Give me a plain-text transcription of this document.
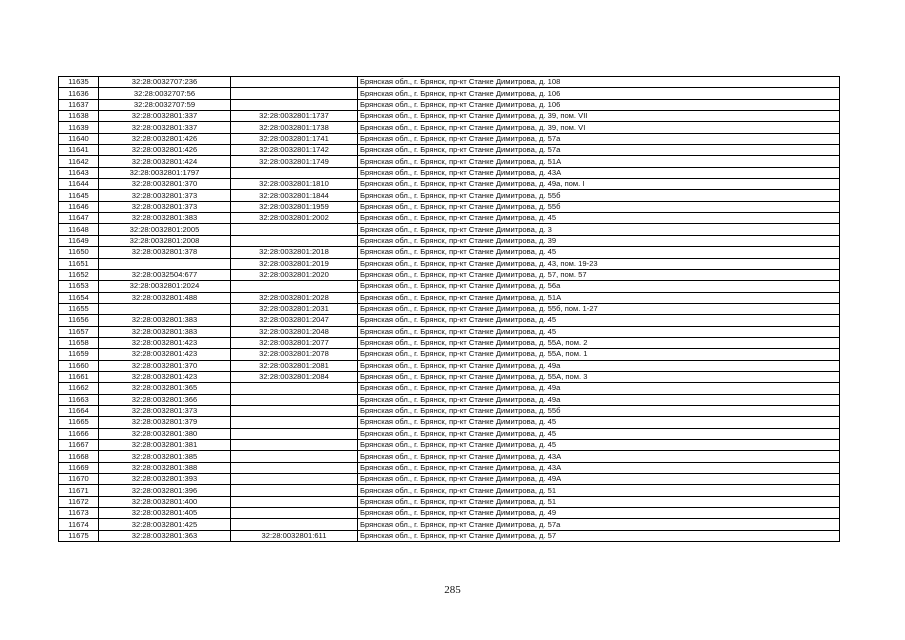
11635	32:28:0032707:236		Брянская обл., г. Брянск, пр-кт Станке Димитрова, д. 108
11636	32:28:0032707:56		Брянская обл., г. Брянск, пр-кт Станке Димитрова, д. 106
11637	32:28:0032707:59		Брянская обл., г. Брянск, пр-кт Станке Димитрова, д. 106
11638	32:28:0032801:337	32:28:0032801:1737	Брянская обл., г. Брянск, пр-кт Станке Димитрова, д. 39, пом. VII
11639	32:28:0032801:337	32:28:0032801:1738	Брянская обл., г. Брянск, пр-кт Станке Димитрова, д. 39, пом. VI
11640	32:28:0032801:426	32:28:0032801:1741	Брянская обл., г. Брянск, пр-кт Станке Димитрова, д. 57а
11641	32:28:0032801:426	32:28:0032801:1742	Брянская обл., г. Брянск, пр-кт Станке Димитрова, д. 57а
11642	32:28:0032801:424	32:28:0032801:1749	Брянская обл., г. Брянск, пр-кт Станке Димитрова, д. 51А
11643	32:28:0032801:1797		Брянская обл., г. Брянск, пр-кт Станке Димитрова, д. 43А
11644	32:28:0032801:370	32:28:0032801:1810	Брянская обл., г. Брянск, пр-кт Станке Димитрова, д. 49а, пом. I
11645	32:28:0032801:373	32:28:0032801:1844	Брянская обл., г. Брянск, пр-кт Станке Димитрова, д. 55б
11646	32:28:0032801:373	32:28:0032801:1959	Брянская обл., г. Брянск, пр-кт Станке Димитрова, д. 55б
11647	32:28:0032801:383	32:28:0032801:2002	Брянская обл., г. Брянск, пр-кт Станке Димитрова, д. 45
11648	32:28:0032801:2005		Брянская обл., г. Брянск, пр-кт Станке Димитрова, д. 3
11649	32:28:0032801:2008		Брянская обл., г. Брянск, пр-кт Станке Димитрова, д. 39
11650	32:28:0032801:378	32:28:0032801:2018	Брянская обл., г. Брянск, пр-кт Станке Димитрова, д. 45
11651		32:28:0032801:2019	Брянская обл., г. Брянск, пр-кт Станке Димитрова, д. 43, пом. 19-23
11652	32:28:0032504:677	32:28:0032801:2020	Брянская обл., г. Брянск, пр-кт Станке Димитрова, д. 57, пом. 57
11653	32:28:0032801:2024		Брянская обл., г. Брянск, пр-кт Станке Димитрова, д. 56а
11654	32:28:0032801:488	32:28:0032801:2028	Брянская обл., г. Брянск, пр-кт Станке Димитрова, д. 51А
11655		32:28:0032801:2031	Брянская обл., г. Брянск, пр-кт Станке Димитрова, д. 55б, пом. 1-27
11656	32:28:0032801:383	32:28:0032801:2047	Брянская обл., г. Брянск, пр-кт Станке Димитрова, д. 45
11657	32:28:0032801:383	32:28:0032801:2048	Брянская обл., г. Брянск, пр-кт Станке Димитрова, д. 45
11658	32:28:0032801:423	32:28:0032801:2077	Брянская обл., г. Брянск, пр-кт Станке Димитрова, д. 55А, пом. 2
11659	32:28:0032801:423	32:28:0032801:2078	Брянская обл., г. Брянск, пр-кт Станке Димитрова, д. 55А, пом. 1
11660	32:28:0032801:370	32:28:0032801:2081	Брянская обл., г. Брянск, пр-кт Станке Димитрова, д. 49а
11661	32:28:0032801:423	32:28:0032801:2084	Брянская обл., г. Брянск, пр-кт Станке Димитрова, д. 55А, пом. 3
11662	32:28:0032801:365		Брянская обл., г. Брянск, пр-кт Станке Димитрова, д. 49а
11663	32:28:0032801:366		Брянская обл., г. Брянск, пр-кт Станке Димитрова, д. 49а
11664	32:28:0032801:373		Брянская обл., г. Брянск, пр-кт Станке Димитрова, д. 55б
11665	32:28:0032801:379		Брянская обл., г. Брянск, пр-кт Станке Димитрова, д. 45
11666	32:28:0032801:380		Брянская обл., г. Брянск, пр-кт Станке Димитрова, д. 45
11667	32:28:0032801:381		Брянская обл., г. Брянск, пр-кт Станке Димитрова, д. 45
11668	32:28:0032801:385		Брянская обл., г. Брянск, пр-кт Станке Димитрова, д. 43А
11669	32:28:0032801:388		Брянская обл., г. Брянск, пр-кт Станке Димитрова, д. 43А
11670	32:28:0032801:393		Брянская обл., г. Брянск, пр-кт Станке Димитрова, д. 49А
11671	32:28:0032801:396		Брянская обл., г. Брянск, пр-кт Станке Димитрова, д. 51
11672	32:28:0032801:400		Брянская обл., г. Брянск, пр-кт Станке Димитрова, д. 51
11673	32:28:0032801:405		Брянская обл., г. Брянск, пр-кт Станке Димитрова, д. 49
11674	32:28:0032801:425		Брянская обл., г. Брянск, пр-кт Станке Димитрова, д. 57а
11675	32:28:0032801:363	32:28:0032801:611	Брянская обл., г. Брянск, пр-кт Станке Димитрова, д. 57
285
